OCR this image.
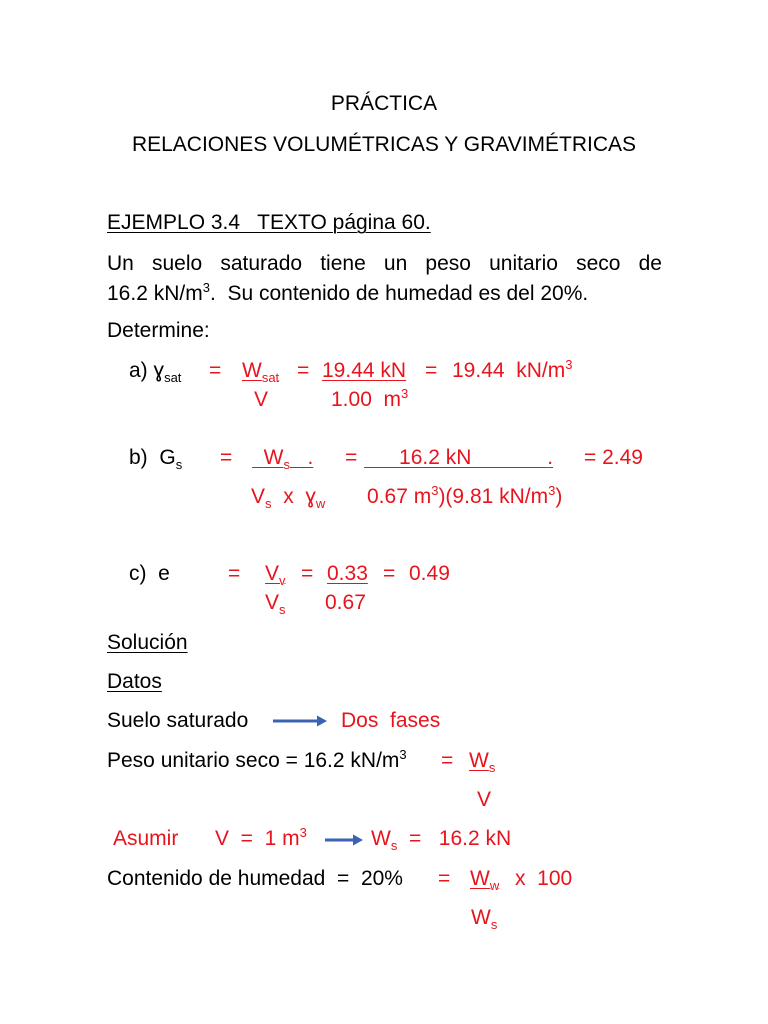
PRÁCTICA
RELACIONES VOLUMÉTRICAS Y GRAVIMÉTRICAS
EJEMPLO 3.4   TEXTO página 60.
Un suelo saturado tiene un peso unitario seco de
16.2 $kN/m^3$.  Su contenido de humedad es del 20%.
Determine:
a) ɣ$_{sat}$ = $W_{sat} = 19.44$ kN = 19.44  $kN/m^3$
V	1.00  $m^3$
b) $G_s$ =	$W_s$ . =	16.2 kN	. = 2.49
$V_s$ x ɣ$_w$ 0.67 $m^3)(9.81$ $kN/m^3$)
c) e	= $V_v = 0.33 = 0.49$
$V_s$ 0.67
Solución
Datos
Suelo saturado	Dos  fases
Peso unitario seco = 16.2 $kN/m^3 = W_s$
V
Asumir V  =  1 $m^3$	$W_s = 16.2$ kN
Contenido de humedad  =  $20\% = W_w$ x  100
$W_s$
